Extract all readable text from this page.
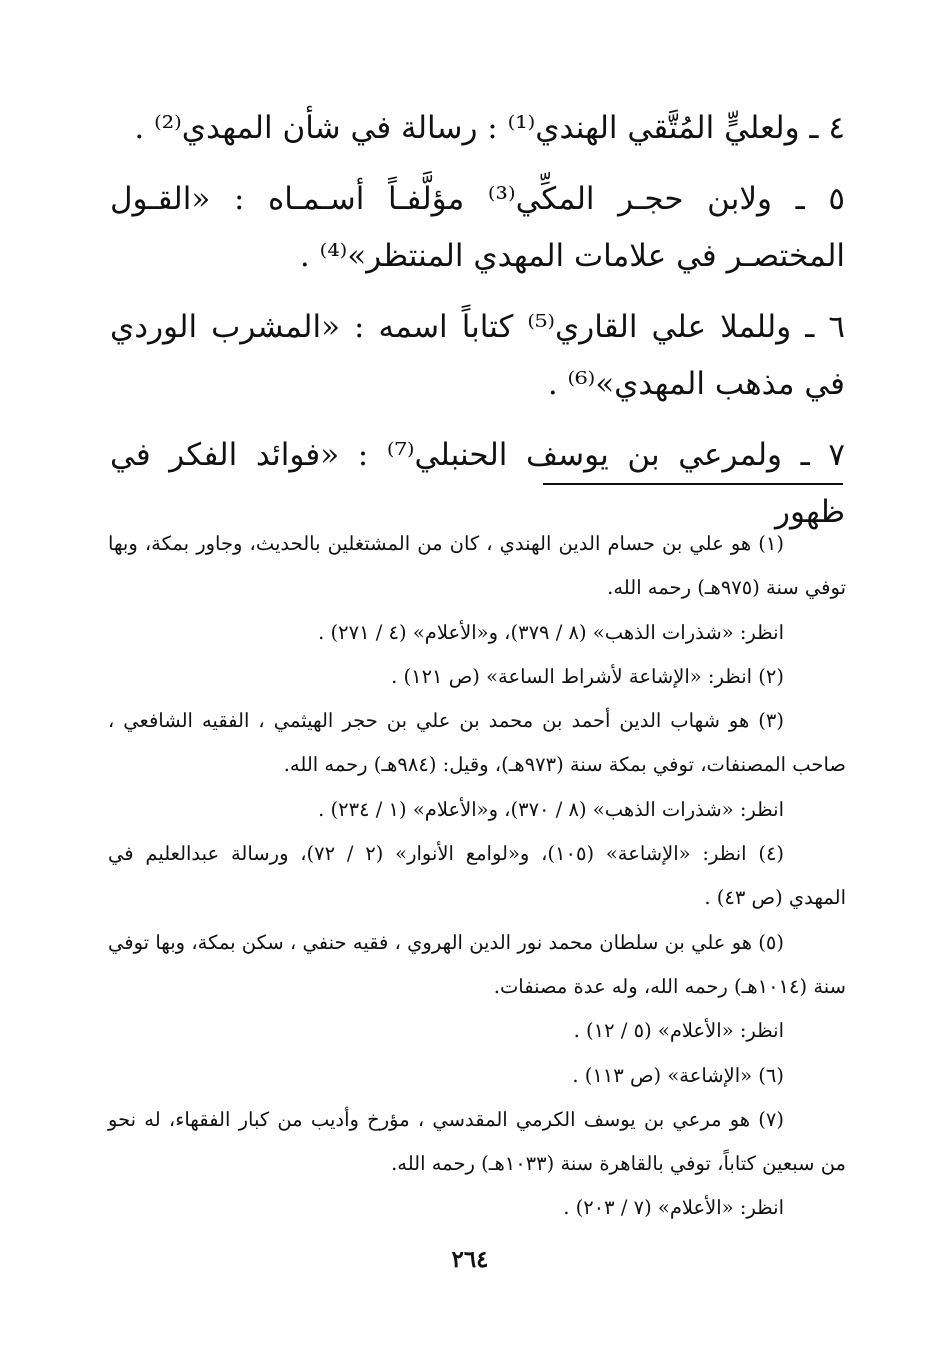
٤ ـ ولعليٍّ المُتَّقي الهندي⁽¹⁾ : رسالة في شأن المهدي⁽²⁾ .

٥ ـ ولابن حجـر المكِّي⁽³⁾ مؤلَّفـاً أسـمـاه : «القـول المختصـر في علامات المهدي المنتظر»⁽⁴⁾ .

٦ ـ وللملا علي القاري⁽⁵⁾ كتاباً اسمه : «المشرب الوردي في مذهب المهدي»⁽⁶⁾ .

٧ ـ ولمرعي بن يوسف الحنبلي⁽⁷⁾ : «فوائد الفكر في ظهور

(١) هو علي بن حسام الدين الهندي ، كان من المشتغلين بالحديث، وجاور بمكة، وبها توفي سنة (٩٧٥هـ) رحمه الله.

انظر: «شذرات الذهب» (٨ / ٣٧٩)، و«الأعلام» (٤ / ٢٧١) .

(٢) انظر: «الإشاعة لأشراط الساعة» (ص ١٢١) .

(٣) هو شهاب الدين أحمد بن محمد بن علي بن حجر الهيثمي ، الفقيه الشافعي ، صاحب المصنفات، توفي بمكة سنة (٩٧٣هـ)، وقيل: (٩٨٤هـ) رحمه الله.

انظر: «شذرات الذهب» (٨ / ٣٧٠)، و«الأعلام» (١ / ٢٣٤) .

(٤) انظر: «الإشاعة» (١٠٥)، و«لوامع الأنوار» (٢ / ٧٢)، ورسالة عبدالعليم في المهدي (ص ٤٣) .

(٥) هو علي بن سلطان محمد نور الدين الهروي ، فقيه حنفي ، سكن بمكة، وبها توفي سنة (١٠١٤هـ) رحمه الله، وله عدة مصنفات.

انظر: «الأعلام» (٥ / ١٢) .

(٦) «الإشاعة» (ص ١١٣) .

(٧) هو مرعي بن يوسف الكرمي المقدسي ، مؤرخ وأديب من كبار الفقهاء، له نحو من سبعين كتاباً، توفي بالقاهرة سنة (١٠٣٣هـ) رحمه الله.

انظر: «الأعلام» (٧ / ٢٠٣) .

٢٦٤
